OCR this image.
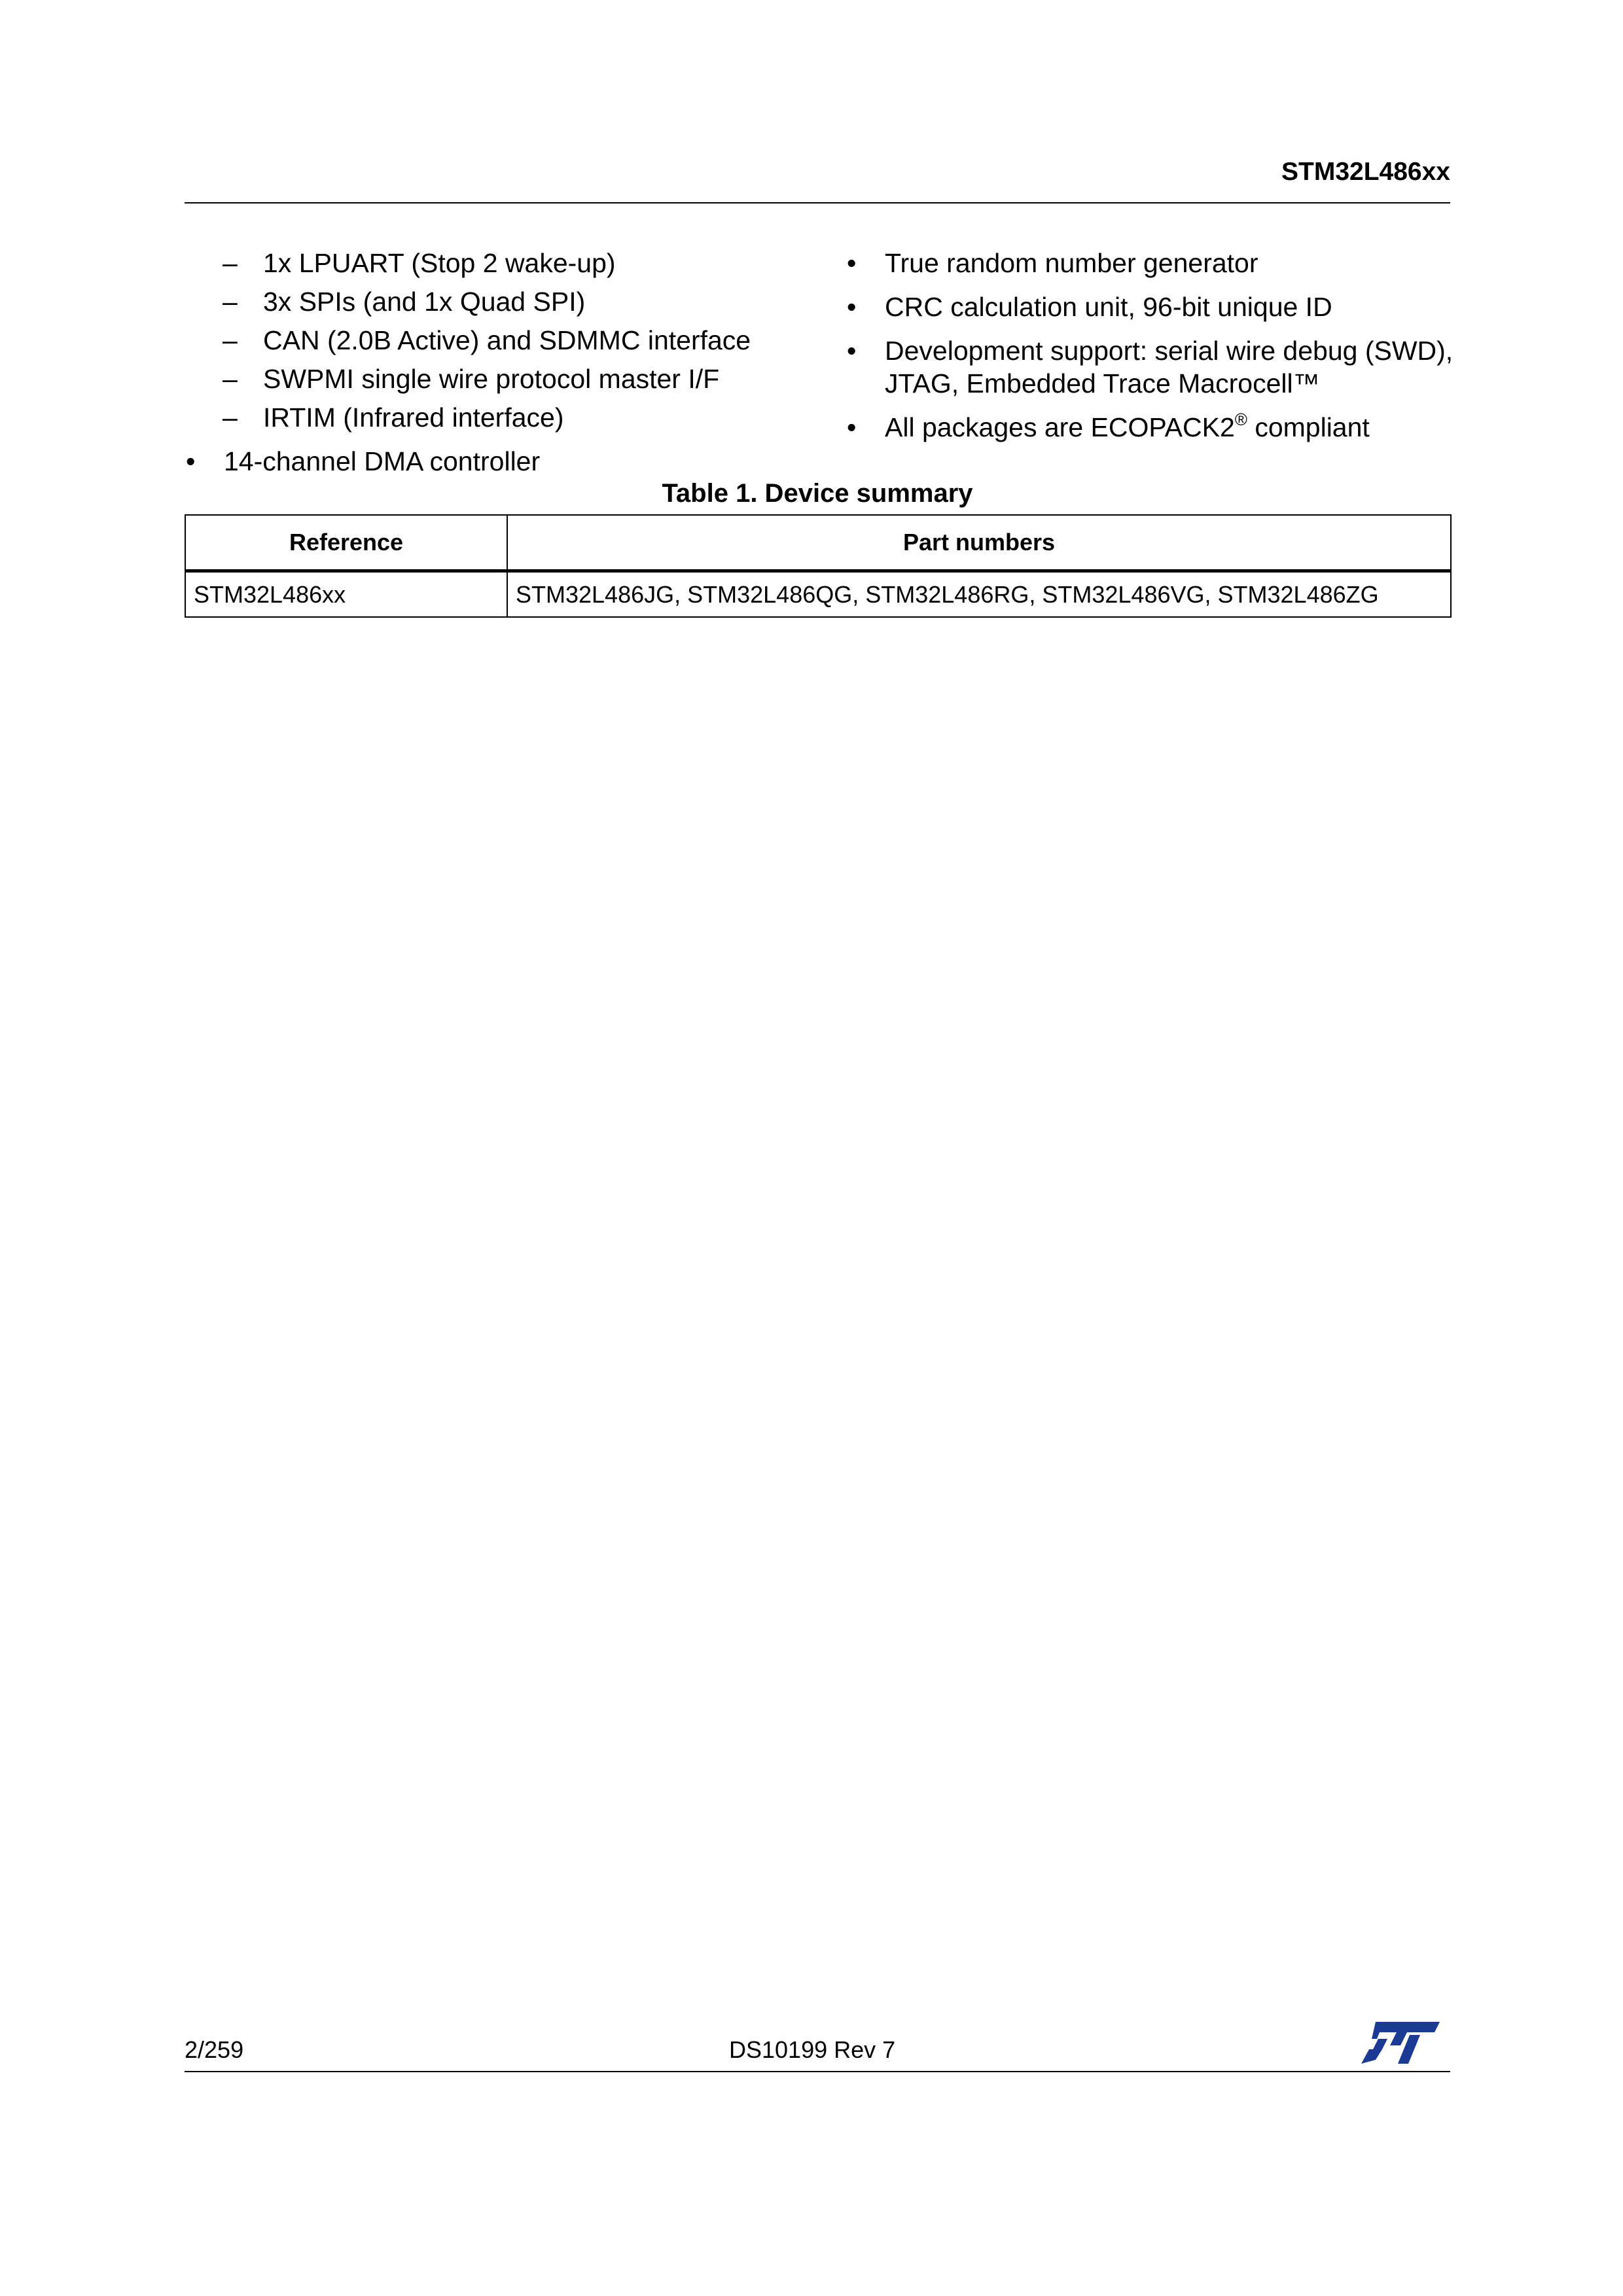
STM32L486xx
– 1x LPUART (Stop 2 wake-up)
– 3x SPIs (and 1x Quad SPI)
– CAN (2.0B Active) and SDMMC interface
– SWPMI single wire protocol master I/F
– IRTIM (Infrared interface)
• 14-channel DMA controller
• True random number generator
• CRC calculation unit, 96-bit unique ID
• Development support: serial wire debug (SWD), JTAG, Embedded Trace Macrocell™
• All packages are ECOPACK2® compliant
Table 1. Device summary
Reference	Part numbers
STM32L486xx	STM32L486JG, STM32L486QG, STM32L486RG, STM32L486VG, STM32L486ZG
2/259	DS10199 Rev 7
